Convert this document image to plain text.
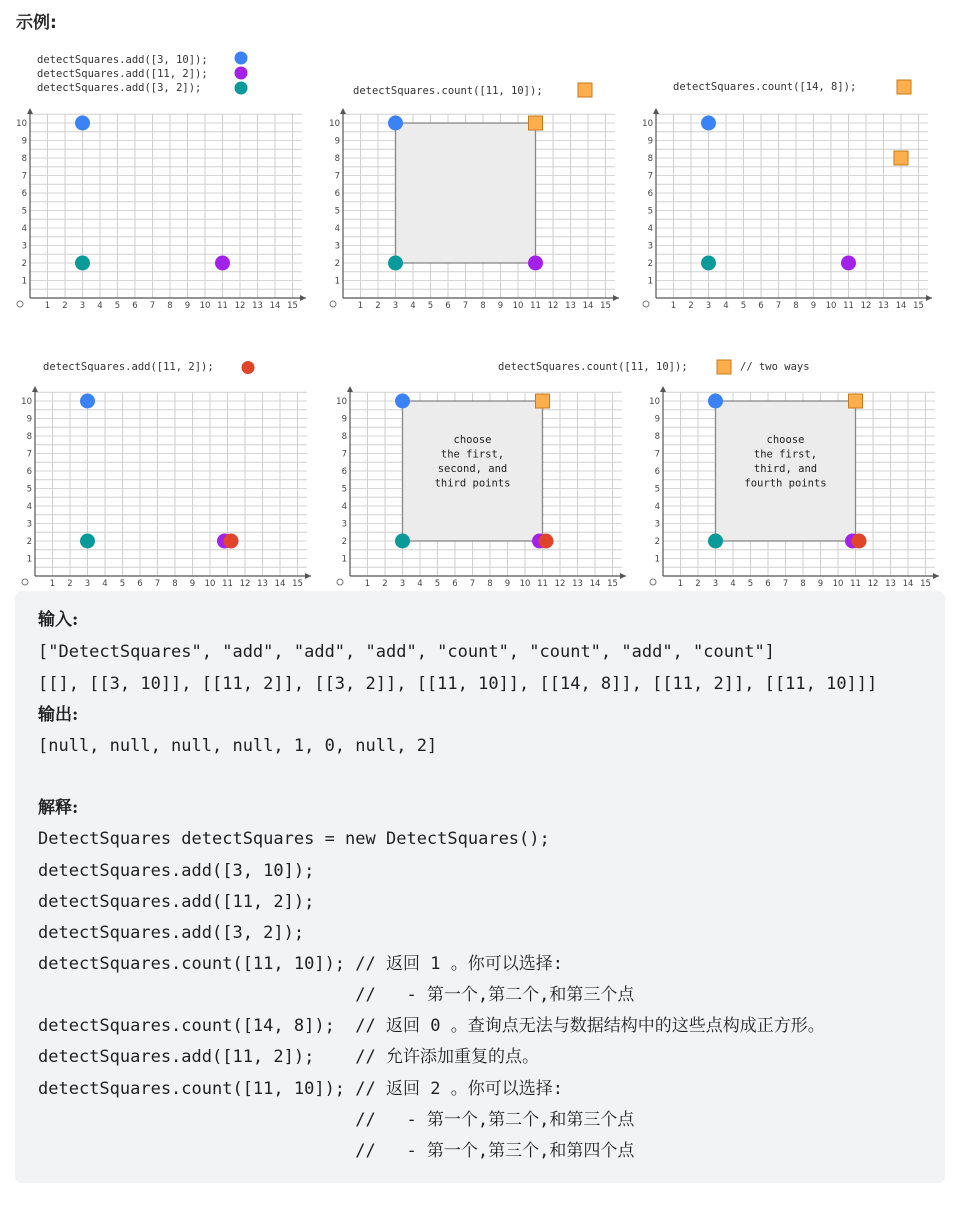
示例:
detectSquares.add([3, 10]);
detectSquares.add([11, 2]);
detectSquares.add([3, 2]);	detectSquares.count([11, 10]);	detectSquares.count([14, 8]);
detectSquares.add([11, 2]);	detectSquares.count([11, 10]);	// two ways
1 2 3 4 5 6 7 8 9 10 11 12 13 14 15
1
2
3
4
5
6
7
8
9
10
1 2 3 4 5 6 7 8 9 10 11 12 13 14 15
1
2
3
4
5
6
7
8
9
10
1 2 3 4 5 6 7 8 9 10 11 12 13 14 15
1
2
3
4
5
6
7
8
9
10
1 2 3 4 5 6 7 8 9 10 11 12 13 14 15
1
2
3
4
5
6
7
8
9
10
1 2 3 4 5 6 7 8 9 10 11 12 13 14 15
1
2
3
4
5
6
7
8
9
10
choose
the first,
second, and
third points
1 2 3 4 5 6 7 8 9 10 11 12 13 14 15
1
2
3
4
5
6
7
8
9
10
choose
the first,
third, and
fourth points
输入:
["DetectSquares", "add", "add", "add", "count", "count", "add", "count"]
[[], [[3, 10]], [[11, 2]], [[3, 2]], [[11, 10]], [[14, 8]], [[11, 2]], [[11, 10]]]
输出:
[null, null, null, null, 1, 0, null, 2]
解释:
DetectSquares detectSquares = new DetectSquares();
detectSquares.add([3, 10]);
detectSquares.add([11, 2]);
detectSquares.add([3, 2]);
detectSquares.count([11, 10]); // 返回 1 。你可以选择:
//   - 第一个,第二个,和第三个点
detectSquares.count([14, 8]);  // 返回 0 。查询点无法与数据结构中的这些点构成正方形。
detectSquares.add([11, 2]);    // 允许添加重复的点。
detectSquares.count([11, 10]); // 返回 2 。你可以选择:
//   - 第一个,第二个,和第三个点
//   - 第一个,第三个,和第四个点
